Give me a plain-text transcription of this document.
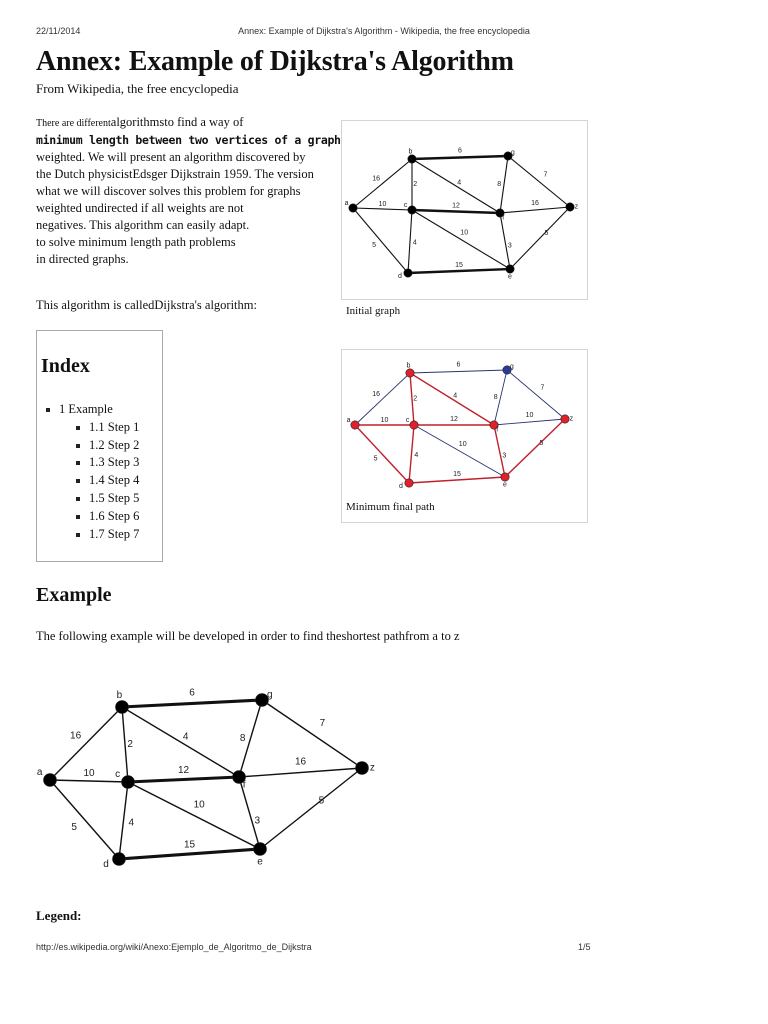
22/11/2014	Annex: Example of Dijkstra's Algorithm - Wikipedia, the free encyclopedia
Annex: Example of Dijkstra's Algorithm
From Wikipedia, the free encyclopedia

There are differentalgorithmsto find a way of

minimum length between two vertices of a graph

weighted. We will present an algorithm discovered by

the Dutch physicistEdsger Dijkstrain 1959. The version

what we will discover solves this problem for graphs

weighted undirected if all weights are not

negatives. This algorithm can easily adapt.

to solve minimum length path problems

in directed graphs.

This algorithm is calledDijkstra's algorithm:
16
10
5
6
2	4
12
4
10
15
8
7
16
3
5
a
b
c
d	e
f
g
z
Initial graph
16
10
5
6
2	4
12
4
10
15
8
7
10
3
5
a
b
c
d	e
f
g
z
Minimum final path
Index
1 Example
1.1 Step 1
1.2 Step 2
1.3 Step 3
1.4 Step 4
1.5 Step 5
1.6 Step 6
1.7 Step 7
Example
The following example will be developed in order to find theshortest pathfrom a to z
16
10
5
6
2
4
12
4
10
15
8
7
16
3
5
a
b
c
d	e
f
g
z
Legend:
http://es.wikipedia.org/wiki/Anexo:Ejemplo_de_Algoritmo_de_Dijkstra	1/5
